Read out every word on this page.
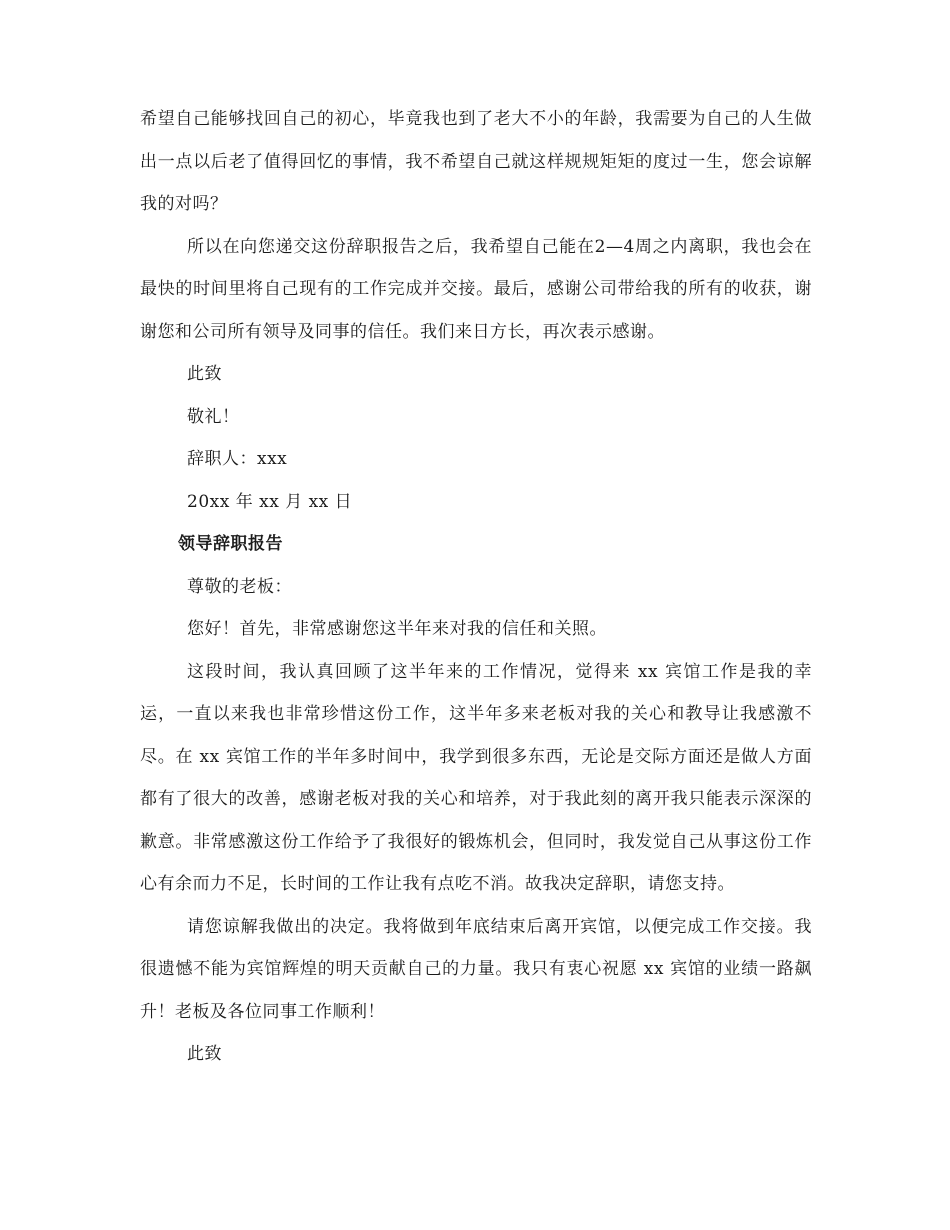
希望自己能够找回自己的初心，毕竟我也到了老大不小的年龄，我需要为自己的人生做出一点以后老了值得回忆的事情，我不希望自己就这样规规矩矩的度过一生，您会谅解我的对吗？

所以在向您递交这份辞职报告之后，我希望自己能在2—4周之内离职，我也会在最快的时间里将自己现有的工作完成并交接。最后，感谢公司带给我的所有的收获，谢谢您和公司所有领导及同事的信任。我们来日方长，再次表示感谢。

此致

敬礼！

辞职人：xxx

20xx 年 xx 月 xx 日

领导辞职报告

尊敬的老板：

您好！首先，非常感谢您这半年来对我的信任和关照。

这段时间，我认真回顾了这半年来的工作情况，觉得来 xx 宾馆工作是我的幸运，一直以来我也非常珍惜这份工作，这半年多来老板对我的关心和教导让我感激不尽。在 xx 宾馆工作的半年多时间中，我学到很多东西，无论是交际方面还是做人方面都有了很大的改善，感谢老板对我的关心和培养，对于我此刻的离开我只能表示深深的歉意。非常感激这份工作给予了我很好的锻炼机会，但同时，我发觉自己从事这份工作心有余而力不足，长时间的工作让我有点吃不消。故我决定辞职，请您支持。

请您谅解我做出的决定。我将做到年底结束后离开宾馆，以便完成工作交接。我很遗憾不能为宾馆辉煌的明天贡献自己的力量。我只有衷心祝愿 xx 宾馆的业绩一路飙升！老板及各位同事工作顺利！

此致
